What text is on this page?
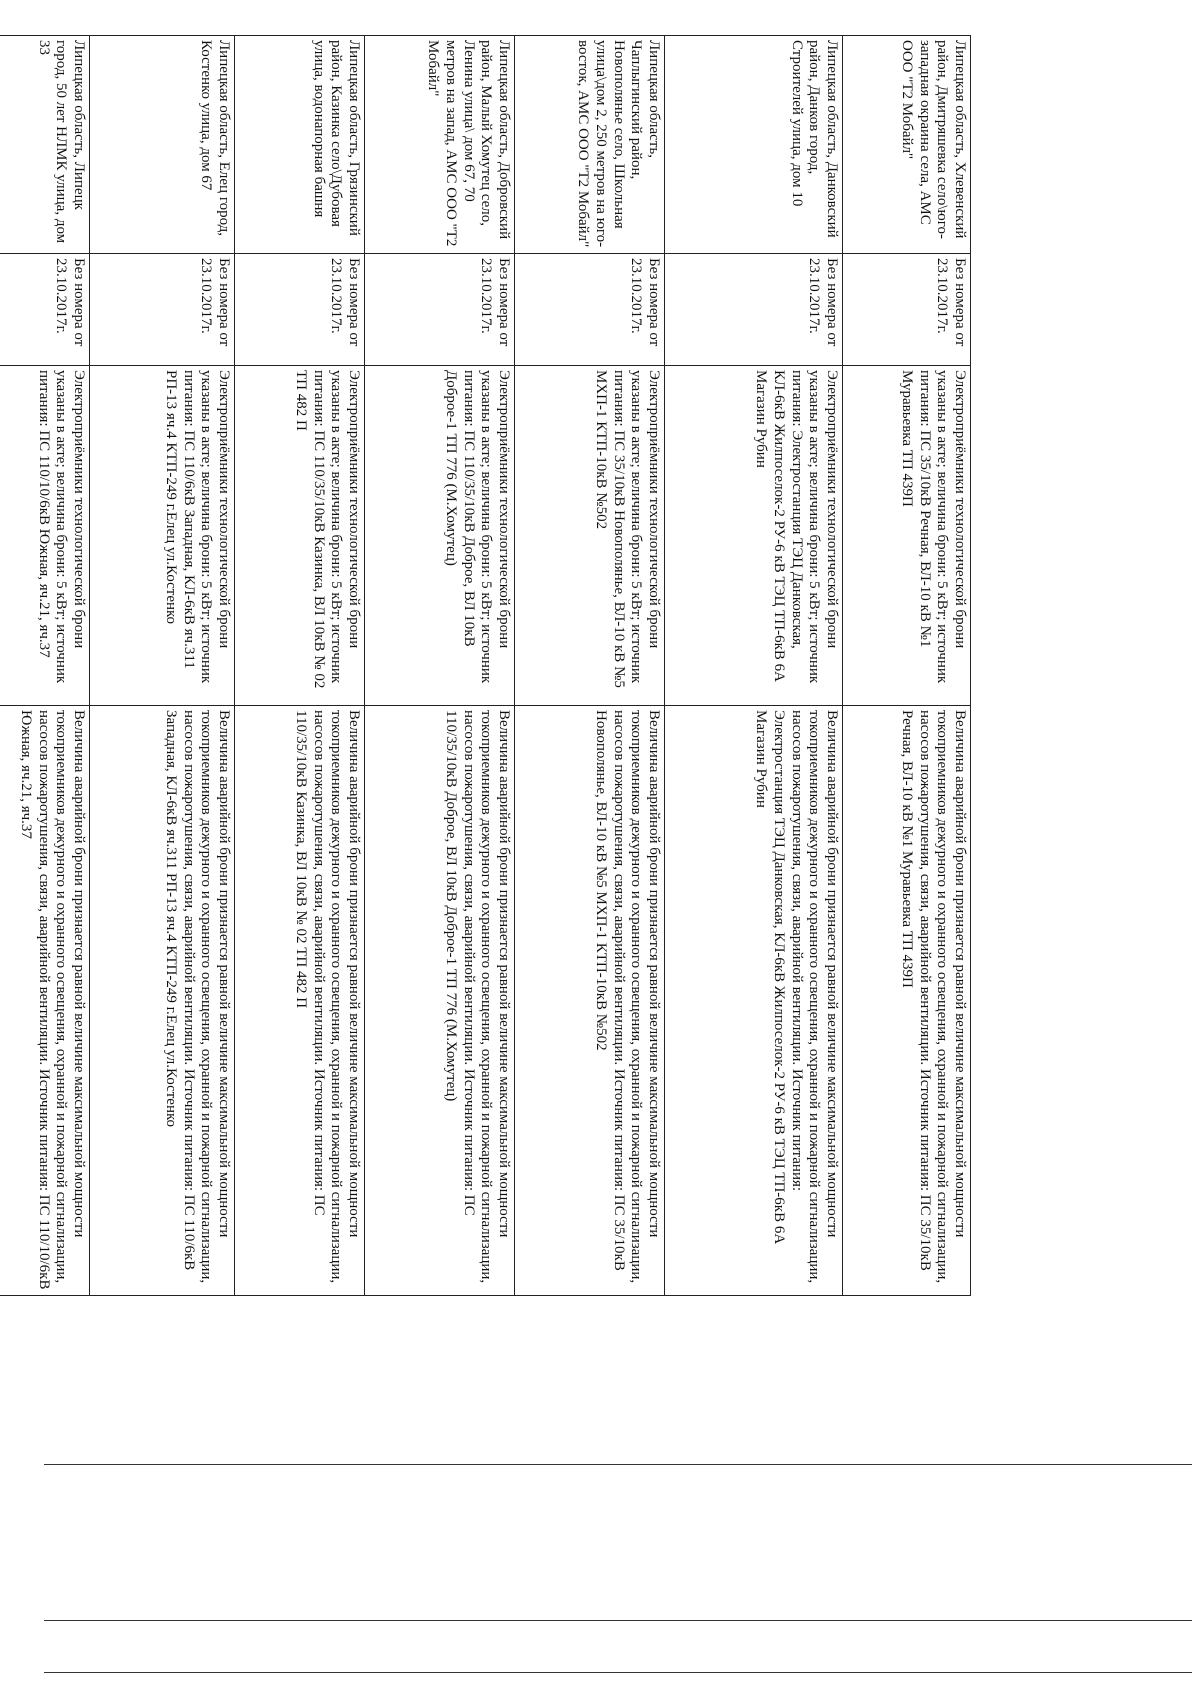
Липецкая область, Хлевенский район, Дмитряшевка село\юго-западная окраина села, АМС ООО "Т2 Мобайл"	Без номера от 23.10.2017г.	Электроприёмники технологической брони указаны в акте; величина брони: 5 кВт; источник питания: ПС 35/10кВ Речная, ВЛ-10 кВ №1 Муравьевка ТП 439П	Величина аварийной брони признается равной величине максимальной мощности токоприемников дежурного и охранного освещения, охранной и пожарной сигнализации, насосов пожаротушения, связи, аварийной вентиляции. Источник питания: ПС 35/10кВ Речная, ВЛ-10 кВ №1 Муравьевка ТП 439П
Липецкая область, Данковский район, Данков город, Строителей улица, дом 10	Без номера от 23.10.2017г.	Электроприёмники технологической брони указаны в акте; величина брони: 5 кВт; источник питания: Электростанция ТЭЦ Данковская, КЛ-6кВ Жилпоселок-2 РУ-6 кВ ТЭЦ ТП-6кВ 6А Магазин Рубин	Величина аварийной брони признается равной величине максимальной мощности токоприемников дежурного и охранного освещения, охранной и пожарной сигнализации, насосов пожаротушения, связи, аварийной вентиляции. Источник питания: Электростанция ТЭЦ Данковская, КЛ-6кВ Жилпоселок-2 РУ-6 кВ ТЭЦ ТП-6кВ 6А Магазин Рубин
Липецкая область, Чаплыгинский район, Новополянье село, Школьная улица\дом 2, 250 метров на юго-восток, АМС ООО "Т2 Мобайл"	Без номера от 23.10.2017г.	Электроприёмники технологической брони указаны в акте; величина брони: 5 кВт; источник питания: ПС 35/10кВ Новополянье, ВЛ-10 кВ №5 МХП-1 КТП-10кВ №502	Величина аварийной брони признается равной величине максимальной мощности токоприемников дежурного и охранного освещения, охранной и пожарной сигнализации, насосов пожаротушения, связи, аварийной вентиляции. Источник питания: ПС 35/10кВ Новополянье, ВЛ-10 кВ №5 МХП-1 КТП-10кВ №502
Липецкая область, Добровский район, Малый Хомутец село, Ленина улица\ дом 67, 70 метров на запад, АМС ООО "Т2 Мобайл"	Без номера от 23.10.2017г.	Электроприёмники технологической брони указаны в акте; величина брони: 5 кВт; источник питания: ПС 110/35/10кВ Доброе, ВЛ 10кВ Доброе-1 ТП 776 (М.Хомутец)	Величина аварийной брони признается равной величине максимальной мощности токоприемников дежурного и охранного освещения, охранной и пожарной сигнализации, насосов пожаротушения, связи, аварийной вентиляции. Источник питания: ПС 110/35/10кВ Доброе, ВЛ 10кВ Доброе-1 ТП 776 (М.Хомутец)
Липецкая область, Грязинский район, Казинка село\Дубовая улица, водонапорная башня	Без номера от 23.10.2017г.	Электроприёмники технологической брони указаны в акте; величина брони: 5 кВт; источник питания: ПС 110/35/10кВ Казинка, ВЛ 10кВ № 02 ТП 482 П	Величина аварийной брони признается равной величине максимальной мощности токоприемников дежурного и охранного освещения, охранной и пожарной сигнализации, насосов пожаротушения, связи, аварийной вентиляции. Источник питания: ПС 110/35/10кВ Казинка, ВЛ 10кВ № 02 ТП 482 П
Липецкая область, Елец город, Костенко улица, дом 67	Без номера от 23.10.2017г.	Электроприёмники технологической брони указаны в акте; величина брони: 5 кВт; источник питания: ПС 110/6кВ Западная, КЛ-6кВ яч.311 РП-13 яч.4 КТП-249 г.Елец ул.Костенко	Величина аварийной брони признается равной величине максимальной мощности токоприемников дежурного и охранного освещения, охранной и пожарной сигнализации, насосов пожаротушения, связи, аварийной вентиляции. Источник питания: ПС 110/6кВ Западная, КЛ-6кВ яч.311 РП-13 яч.4 КТП-249 г.Елец ул.Костенко
Липецкая область, Липецк город, 50 лет НЛМК улица, дом 33	Без номера от 23.10.2017г.	Электроприёмники технологической брони указаны в акте; величина брони: 5 кВт; источник питания: ПС 110/10/6кВ Южная, яч.21, яч.37	Величина аварийной брони признается равной величине максимальной мощности токоприемников дежурного и охранного освещения, охранной и пожарной сигнализации, насосов пожаротушения, связи, аварийной вентиляции. Источник питания: ПС 110/10/6кВ Южная, яч.21, яч.37
